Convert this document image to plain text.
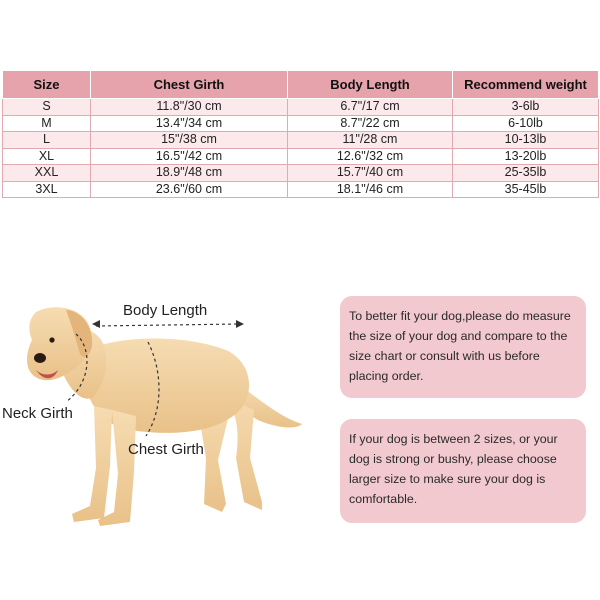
Size	Chest Girth	Body Length	Recommend weight
S	11.8"/30 cm	6.7"/17 cm	3-6lb
M	13.4"/34 cm	8.7"/22 cm	6-10lb
L	15"/38 cm	11"/28 cm	10-13lb
XL	16.5"/42 cm	12.6"/32 cm	13-20lb
XXL	18.9"/48 cm	15.7"/40 cm	25-35lb
3XL	23.6"/60 cm	18.1"/46 cm	35-45lb
Body Length
Neck Girth
Chest Girth
To better fit your dog,please do measure the size of your dog and compare to the size chart or consult with us before placing order.
If your dog is between 2 sizes, or your dog is strong or bushy, please choose larger size to make sure your dog is comfortable.
